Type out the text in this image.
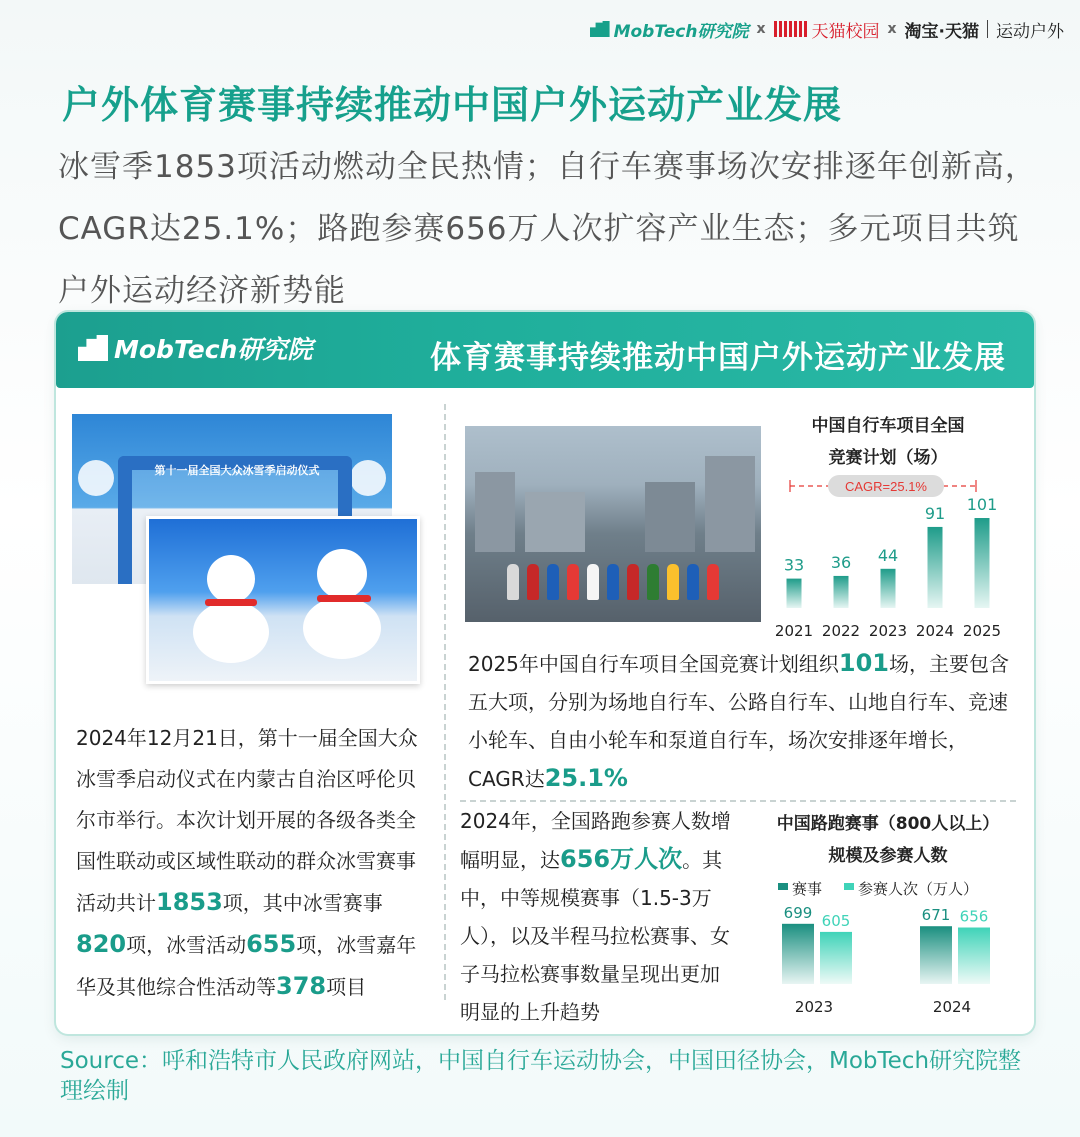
MobTech研究院 x	天猫校园 x 淘宝·天猫 运动户外
户外体育赛事持续推动中国户外运动产业发展
冰雪季1853项活动燃动全民热情；自行车赛事场次安排逐年创新高，CAGR达25.1%；路跑参赛656万人次扩容产业生态；多元项目共筑户外运动经济新势能
MobTech研究院	体育赛事持续推动中国户外运动产业发展
第十一届全国大众冰雪季启动仪式
2024年12月21日，第十一届全国大众冰雪季启动仪式在内蒙古自治区呼伦贝尔市举行。本次计划开展的各级各类全国性联动或区域性联动的群众冰雪赛事活动共计1853项，其中冰雪赛事820项，冰雪活动655项，冰雪嘉年华及其他综合性活动等378项目
2025年中国自行车项目全国竞赛计划组织101场，主要包含五大项，分别为场地自行车、公路自行车、山地自行车、竞速小轮车、自由小轮车和泵道自行车，场次安排逐年增长，CAGR达25.1%
2024年，全国路跑参赛人数增幅明显，达656万人次。其中，中等规模赛事（1.5-3万人），以及半程马拉松赛事、女子马拉松赛事数量呈现出更加明显的上升趋势
中国自行车项目全国
竞赛计划（场）
CAGR=25.1%
33
2021
36
2022
44
2023
91
2024
101
2025
中国路跑赛事（800人以上）
规模及参赛人数
赛事 参赛人次（万人）
699 605
2023
671 656
2024
Source：呼和浩特市人民政府网站，中国自行车运动协会，中国田径协会，MobTech研究院整理绘制
